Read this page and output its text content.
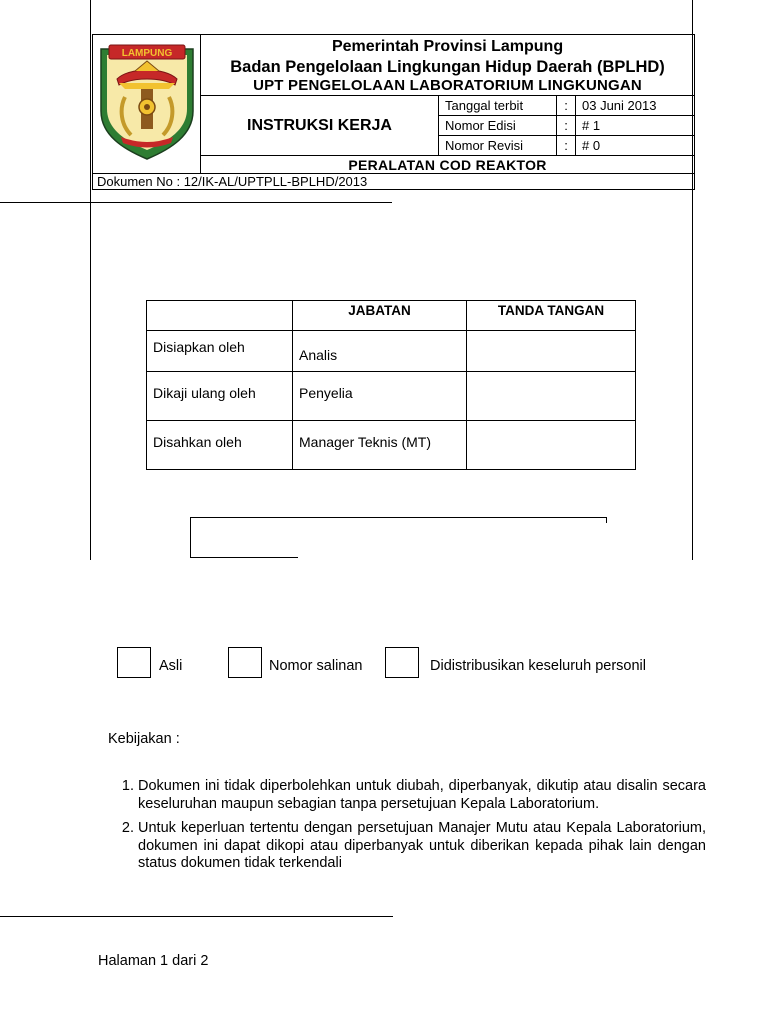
LAMPUNG	Pemerintah Provinsi Lampung
Badan Pengelolaan Lingkungan Hidup Daerah (BPLHD)
UPT PENGELOLAAN LABORATORIUM LINGKUNGAN			

	INSTRUKSI KERJA	Tanggal terbit	:	03 Juni 2013
		Nomor Edisi	:	# 1
		Nomor Revisi	:	# 0
	PERALATAN COD REAKTOR			
Dokumen No : 12/IK-AL/UPTPLL-BPLHD/2013				
	JABATAN	TANDA TANGAN
Disiapkan oleh	Analis	
Dikaji ulang oleh	Penyelia	
Disahkan oleh	Manager Teknis (MT)	
Asli	Nomor salinan	Didistribusikan keseluruh personil
Kebijakan :
1. Dokumen ini tidak diperbolehkan untuk diubah, diperbanyak, dikutip atau disalin secara keseluruhan maupun sebagian tanpa persetujuan Kepala Laboratorium.
2. Untuk keperluan tertentu dengan persetujuan Manajer Mutu atau Kepala Laboratorium, dokumen ini dapat dikopi atau diperbanyak untuk diberikan kepada pihak lain dengan status dokumen tidak terkendali
Halaman 1 dari 2
